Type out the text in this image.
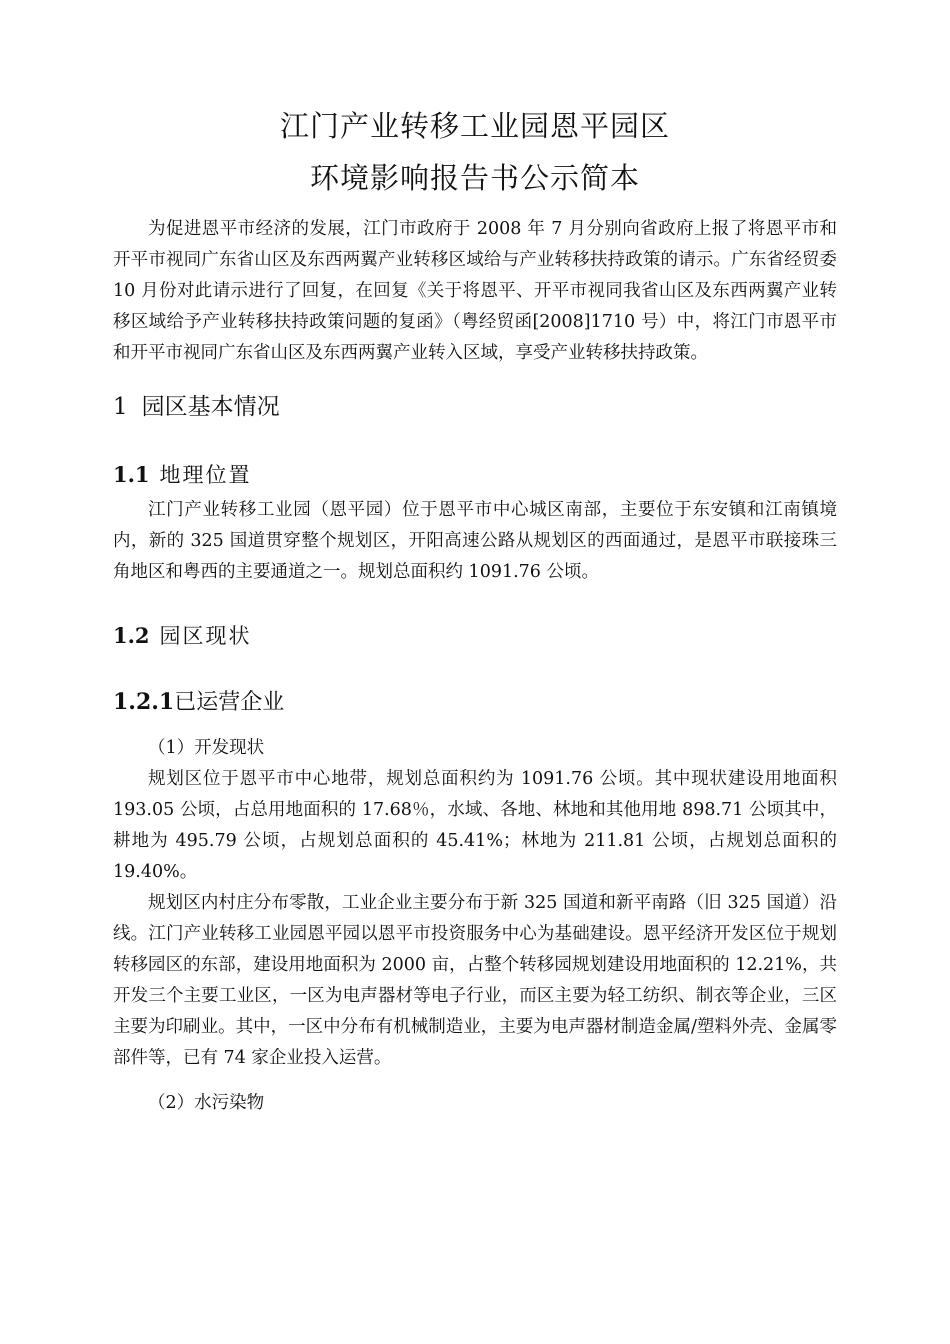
江门产业转移工业园恩平园区
环境影响报告书公示简本

为促进恩平市经济的发展，江门市政府于 2008 年 7 月分别向省政府上报了将恩平市和开平市视同广东省山区及东西两翼产业转移区域给与产业转移扶持政策的请示。广东省经贸委 10 月份对此请示进行了回复，在回复《关于将恩平、开平市视同我省山区及东西两翼产业转移区域给予产业转移扶持政策问题的复函》（粤经贸函[2008]1710 号）中，将江门市恩平市和开平市视同广东省山区及东西两翼产业转入区域，享受产业转移扶持政策。

1 园区基本情况
1.1 地理位置

江门产业转移工业园（恩平园）位于恩平市中心城区南部，主要位于东安镇和江南镇境内，新的 325 国道贯穿整个规划区，开阳高速公路从规划区的西面通过，是恩平市联接珠三角地区和粤西的主要通道之一。规划总面积约 1091.76 公顷。

1.2 园区现状
1.2.1已运营企业
（1）开发现状

规划区位于恩平市中心地带，规划总面积约为 1091.76 公顷。其中现状建设用地面积 193.05 公顷，占总用地面积的 17.68％，水域、各地、林地和其他用地 898.71 公顷其中，耕地为 495.79 公顷，占规划总面积的 45.41%；林地为 211.81 公顷，占规划总面积的 19.40%。

规划区内村庄分布零散，工业企业主要分布于新 325 国道和新平南路（旧 325 国道）沿线。江门产业转移工业园恩平园以恩平市投资服务中心为基础建设。恩平经济开发区位于规划转移园区的东部，建设用地面积为 2000 亩，占整个转移园规划建设用地面积的 12.21%，共开发三个主要工业区，一区为电声器材等电子行业，而区主要为轻工纺织、制衣等企业，三区主要为印刷业。其中，一区中分布有机械制造业，主要为电声器材制造金属/塑料外壳、金属零部件等，已有 74 家企业投入运营。

（2）水污染物
